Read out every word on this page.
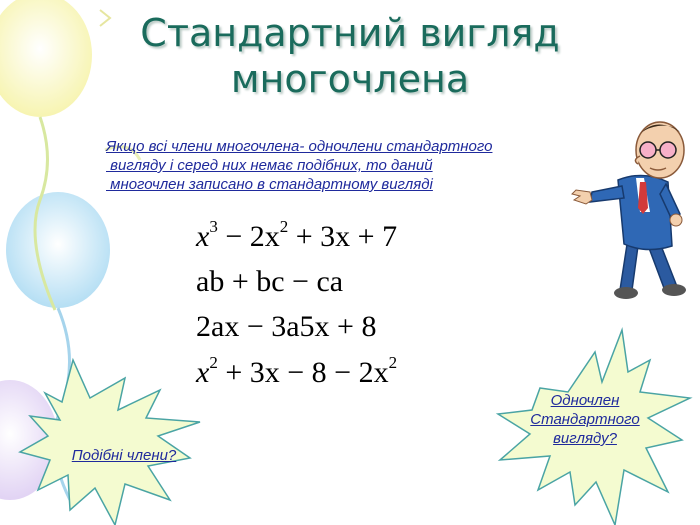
Стандартний вигляд
многочлена
Якщо всі члени многочлена- одночлени стандартного
вигляду і серед них немає подібних, то даний
многочлен записано в стандартному вигляді
$x^3 - 2x^2 + 3x + 7$
ab + bc − ca
2ax − 3a5x + 8
$x^2 + 3x - 8 - 2x^2$
Подібні члени?
Одночлен
Стандартного
вигляду?
